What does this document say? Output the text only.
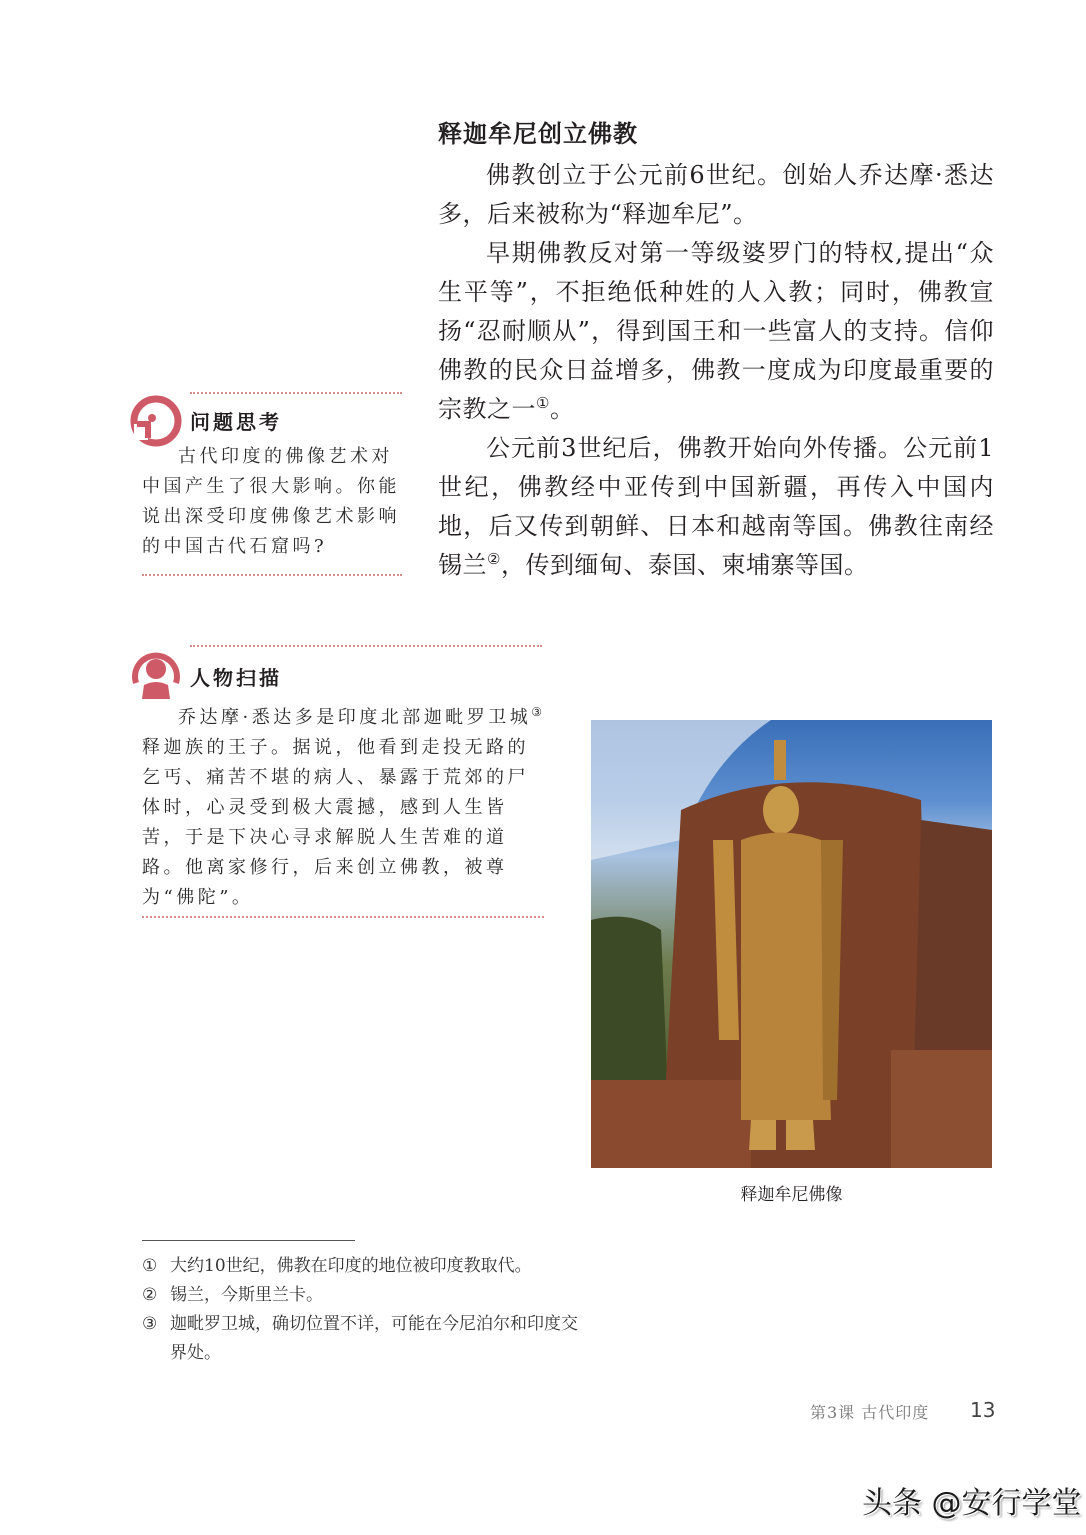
释迦牟尼创立佛教

佛教创立于公元前6世纪。创始人乔达摩·悉达多，后来被称为“释迦牟尼”。

早期佛教反对第一等级婆罗门的特权,提出“众生平等”，不拒绝低种姓的人入教；同时，佛教宣扬“忍耐顺从”，得到国王和一些富人的支持。信仰佛教的民众日益增多，佛教一度成为印度最重要的宗教之一①。

公元前3世纪后，佛教开始向外传播。公元前1世纪，佛教经中亚传到中国新疆，再传入中国内地，后又传到朝鲜、日本和越南等国。佛教往南经锡兰②，传到缅甸、泰国、柬埔寨等国。

问题思考

古代印度的佛像艺术对中国产生了很大影响。你能说出深受印度佛像艺术影响的中国古代石窟吗?

人物扫描

乔达摩·悉达多是印度北部迦毗罗卫城③释迦族的王子。据说，他看到走投无路的乞丐、痛苦不堪的病人、暴露于荒郊的尸体时，心灵受到极大震撼，感到人生皆苦，于是下决心寻求解脱人生苦难的道路。他离家修行，后来创立佛教，被尊为“佛陀”。

释迦牟尼佛像
① 大约10世纪，佛教在印度的地位被印度教取代。
② 锡兰，今斯里兰卡。
③ 迦毗罗卫城，确切位置不详，可能在今尼泊尔和印度交界处。
第3课 古代印度 13
头条 @安行学堂
